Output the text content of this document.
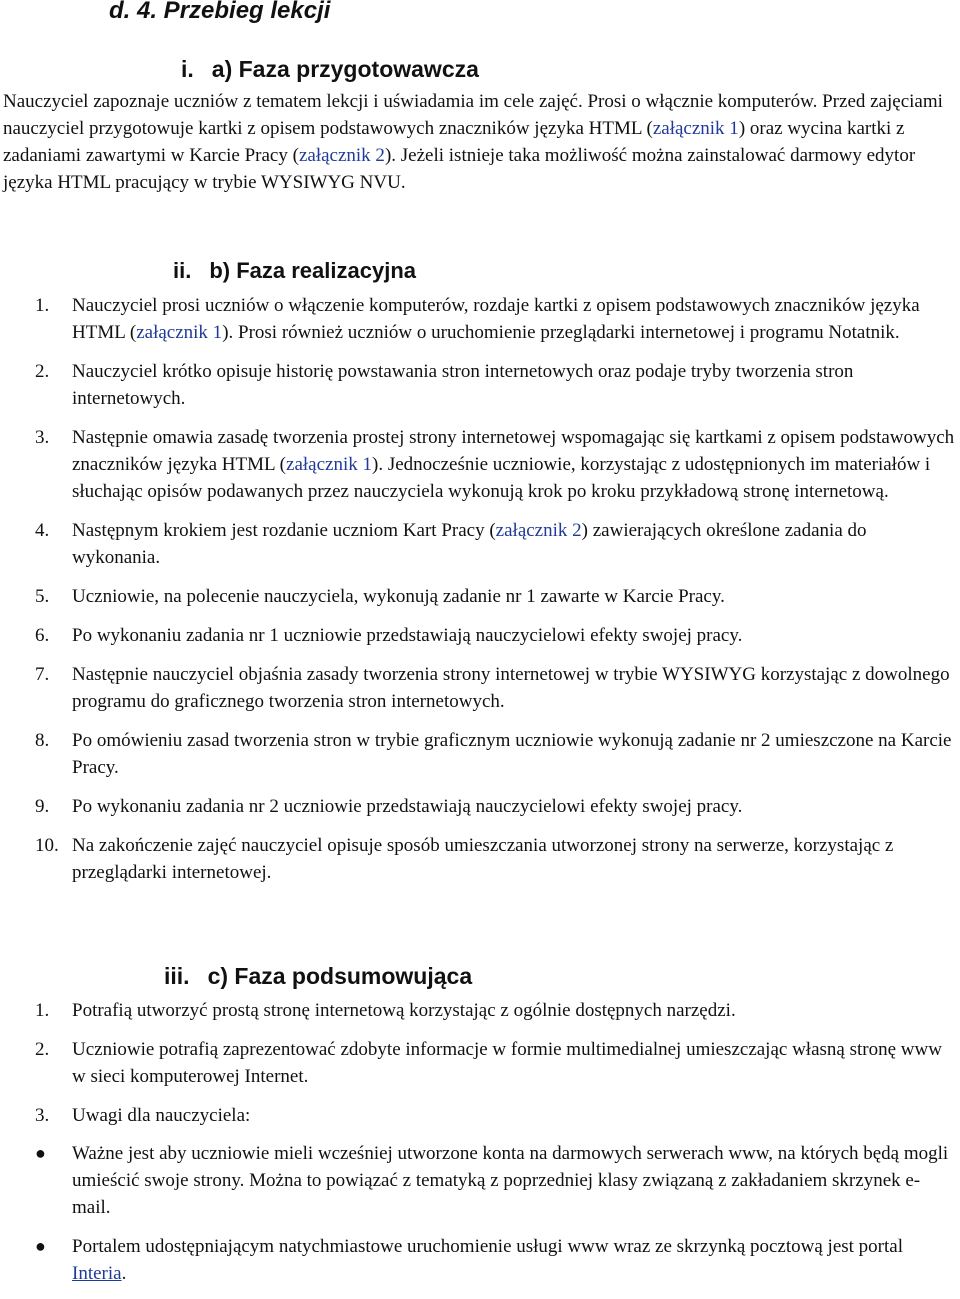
d. 4. Przebieg lekcji
i. a) Faza przygotowawcza
Nauczyciel zapoznaje uczniów z tematem lekcji i uświadamia im cele zajęć. Prosi o włącznie komputerów. Przed zajęciami nauczyciel przygotowuje kartki z opisem podstawowych znaczników języka HTML (załącznik 1) oraz wycina kartki z zadaniami zawartymi w Karcie Pracy (załącznik 2). Jeżeli istnieje taka możliwość można zainstalować darmowy edytor języka HTML pracujący w trybie WYSIWYG NVU.
ii. b) Faza realizacyjna
1.	Nauczyciel prosi uczniów o włączenie komputerów, rozdaje kartki z opisem podstawowych znaczników języka HTML (załącznik 1). Prosi również uczniów o uruchomienie przeglądarki internetowej i programu Notatnik.
2.	Nauczyciel krótko opisuje historię powstawania stron internetowych oraz podaje tryby tworzenia stron internetowych.
3.	Następnie omawia zasadę tworzenia prostej strony internetowej wspomagając się kartkami z opisem podstawowych znaczników języka HTML (załącznik 1). Jednocześnie uczniowie, korzystając z udostępnionych im materiałów i słuchając opisów podawanych przez nauczyciela wykonują krok po kroku przykładową stronę internetową.
4.	Następnym krokiem jest rozdanie uczniom Kart Pracy (załącznik 2) zawierających określone zadania do wykonania.
5.	Uczniowie, na polecenie nauczyciela, wykonują zadanie nr 1 zawarte w Karcie Pracy.
6.	Po wykonaniu zadania nr 1 uczniowie przedstawiają nauczycielowi efekty swojej pracy.
7.	Następnie nauczyciel objaśnia zasady tworzenia strony internetowej w trybie WYSIWYG korzystając z dowolnego programu do graficznego tworzenia stron internetowych.
8.	Po omówieniu zasad tworzenia stron w trybie graficznym uczniowie wykonują zadanie nr 2 umieszczone na Karcie Pracy.
9.	Po wykonaniu zadania nr 2 uczniowie przedstawiają nauczycielowi efekty swojej pracy.
10. Na zakończenie zajęć nauczyciel opisuje sposób umieszczania utworzonej strony na serwerze, korzystając z przeglądarki internetowej.
iii. c) Faza podsumowująca
1.	Potrafią utworzyć prostą stronę internetową korzystając z ogólnie dostępnych narzędzi.
2.	Uczniowie potrafią zaprezentować zdobyte informacje w formie multimedialnej umieszczając własną stronę www w sieci komputerowej Internet.
3.	Uwagi dla nauczyciela:
● Ważne jest aby uczniowie mieli wcześniej utworzone konta na darmowych serwerach www, na których będą mogli umieścić swoje strony. Można to powiązać z tematyką z poprzedniej klasy związaną z zakładaniem skrzynek e-mail.
● Portalem udostępniającym natychmiastowe uruchomienie usługi www wraz ze skrzynką pocztową jest portal Interia.
